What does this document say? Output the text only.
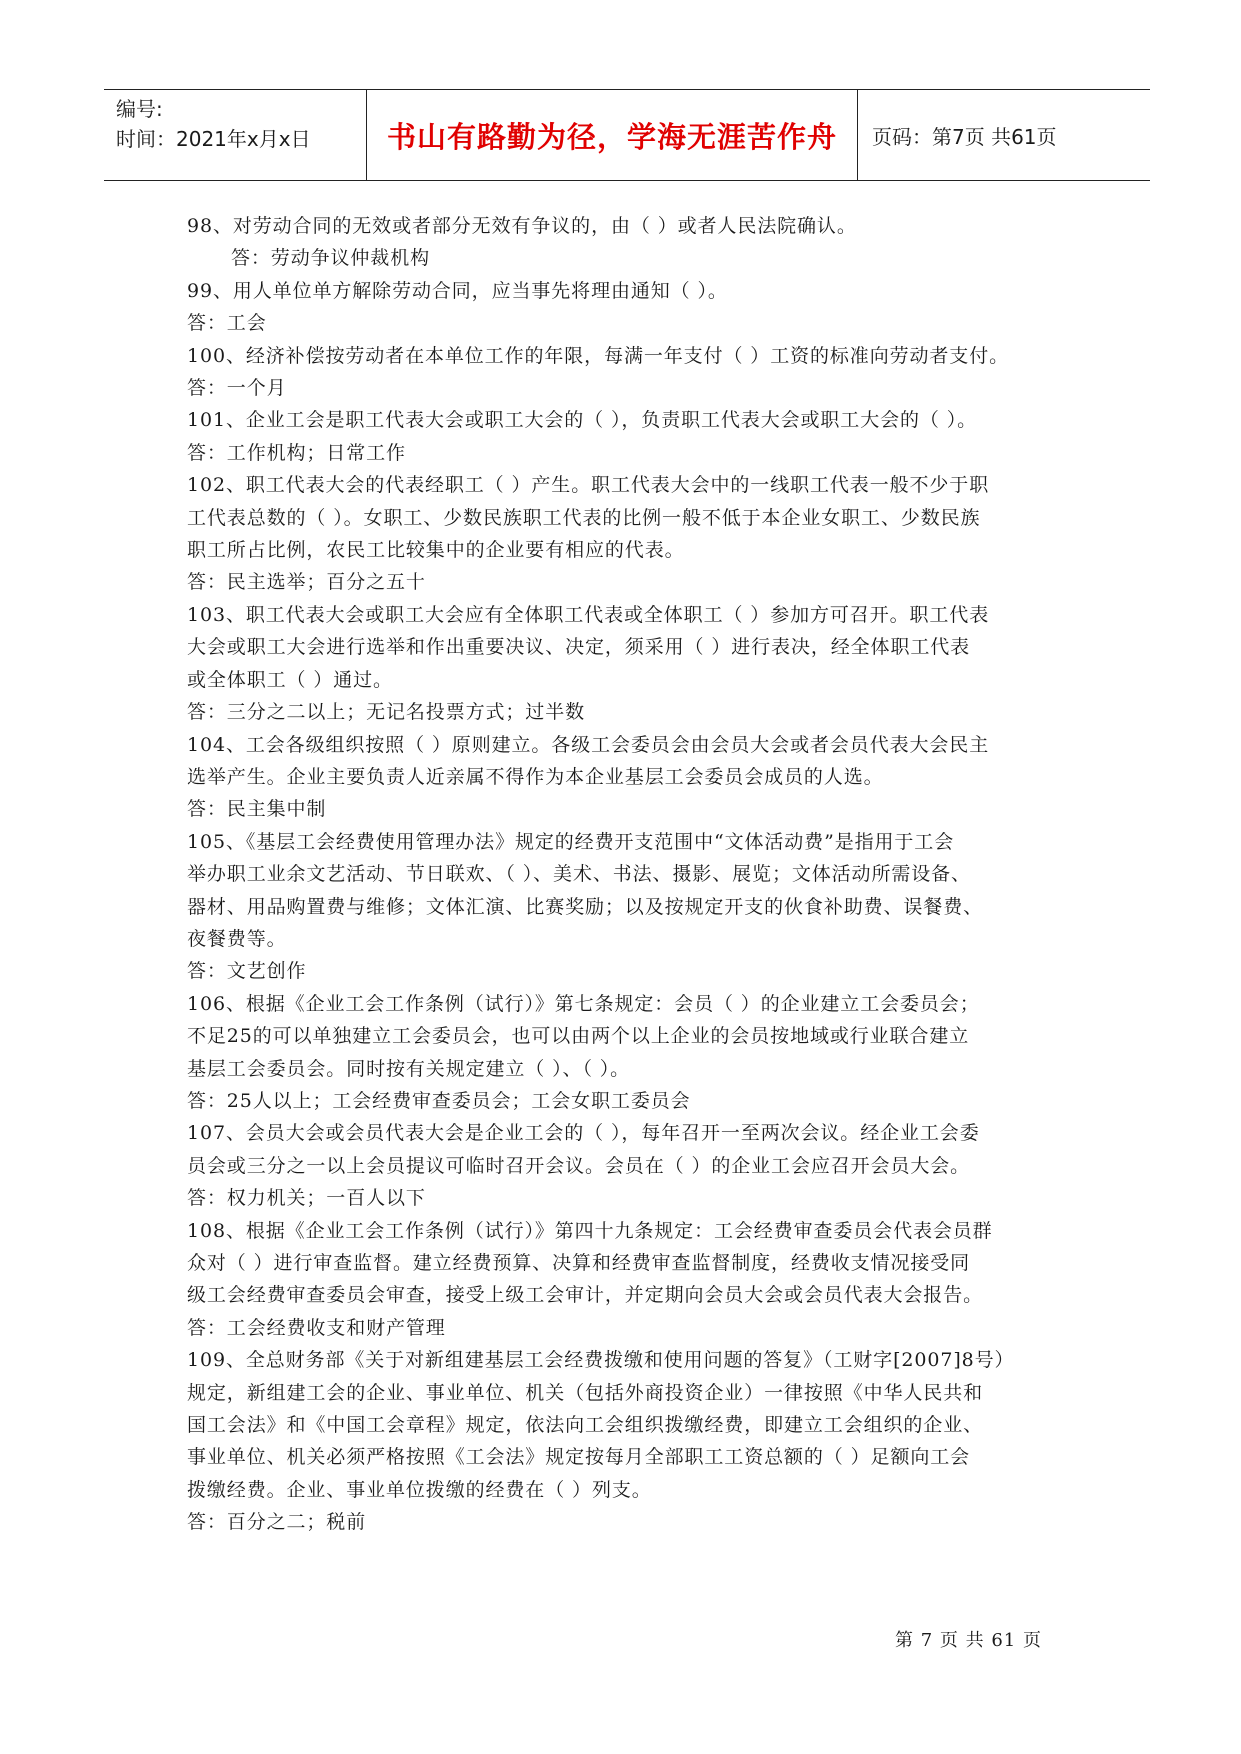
编号:
时间：2021年x月x日	书山有路勤为径，学海无涯苦作舟 页码：第7页 共61页

98、对劳动合同的无效或者部分无效有争议的，由（ ）或者人民法院确认。

答：劳动争议仲裁机构

99、用人单位单方解除劳动合同，应当事先将理由通知（ ）。

答：工会

100、经济补偿按劳动者在本单位工作的年限，每满一年支付（ ）工资的标准向劳动者支付。

答：一个月

101、企业工会是职工代表大会或职工大会的（ ），负责职工代表大会或职工大会的（ ）。

答：工作机构；日常工作

102、职工代表大会的代表经职工（ ）产生。职工代表大会中的一线职工代表一般不少于职

工代表总数的（ ）。女职工、少数民族职工代表的比例一般不低于本企业女职工、少数民族

职工所占比例，农民工比较集中的企业要有相应的代表。

答：民主选举；百分之五十

103、职工代表大会或职工大会应有全体职工代表或全体职工（ ）参加方可召开。职工代表

大会或职工大会进行选举和作出重要决议、决定，须采用（ ）进行表决，经全体职工代表

或全体职工（ ）通过。

答：三分之二以上；无记名投票方式；过半数

104、工会各级组织按照（ ）原则建立。各级工会委员会由会员大会或者会员代表大会民主

选举产生。企业主要负责人近亲属不得作为本企业基层工会委员会成员的人选。

答：民主集中制

105、《基层工会经费使用管理办法》规定的经费开支范围中“文体活动费”是指用于工会

举办职工业余文艺活动、节日联欢、（ ）、美术、书法、摄影、展览；文体活动所需设备、

器材、用品购置费与维修；文体汇演、比赛奖励；以及按规定开支的伙食补助费、误餐费、

夜餐费等。

答：文艺创作

106、根据《企业工会工作条例（试行）》第七条规定：会员（ ）的企业建立工会委员会；

不足25的可以单独建立工会委员会，也可以由两个以上企业的会员按地域或行业联合建立

基层工会委员会。同时按有关规定建立（ ）、（ ）。

答：25人以上；工会经费审查委员会；工会女职工委员会

107、会员大会或会员代表大会是企业工会的（ ），每年召开一至两次会议。经企业工会委

员会或三分之一以上会员提议可临时召开会议。会员在（ ）的企业工会应召开会员大会。

答：权力机关；一百人以下

108、根据《企业工会工作条例（试行）》第四十九条规定：工会经费审查委员会代表会员群

众对（ ）进行审查监督。建立经费预算、决算和经费审查监督制度，经费收支情况接受同

级工会经费审查委员会审查，接受上级工会审计，并定期向会员大会或会员代表大会报告。

答：工会经费收支和财产管理

109、全总财务部《关于对新组建基层工会经费拨缴和使用问题的答复》（工财字[2007]8号）

规定，新组建工会的企业、事业单位、机关（包括外商投资企业）一律按照《中华人民共和

国工会法》和《中国工会章程》规定，依法向工会组织拨缴经费，即建立工会组织的企业、

事业单位、机关必须严格按照《工会法》规定按每月全部职工工资总额的（ ）足额向工会

拨缴经费。企业、事业单位拨缴的经费在（ ）列支。

答：百分之二；税前

第 7 页 共 61 页
